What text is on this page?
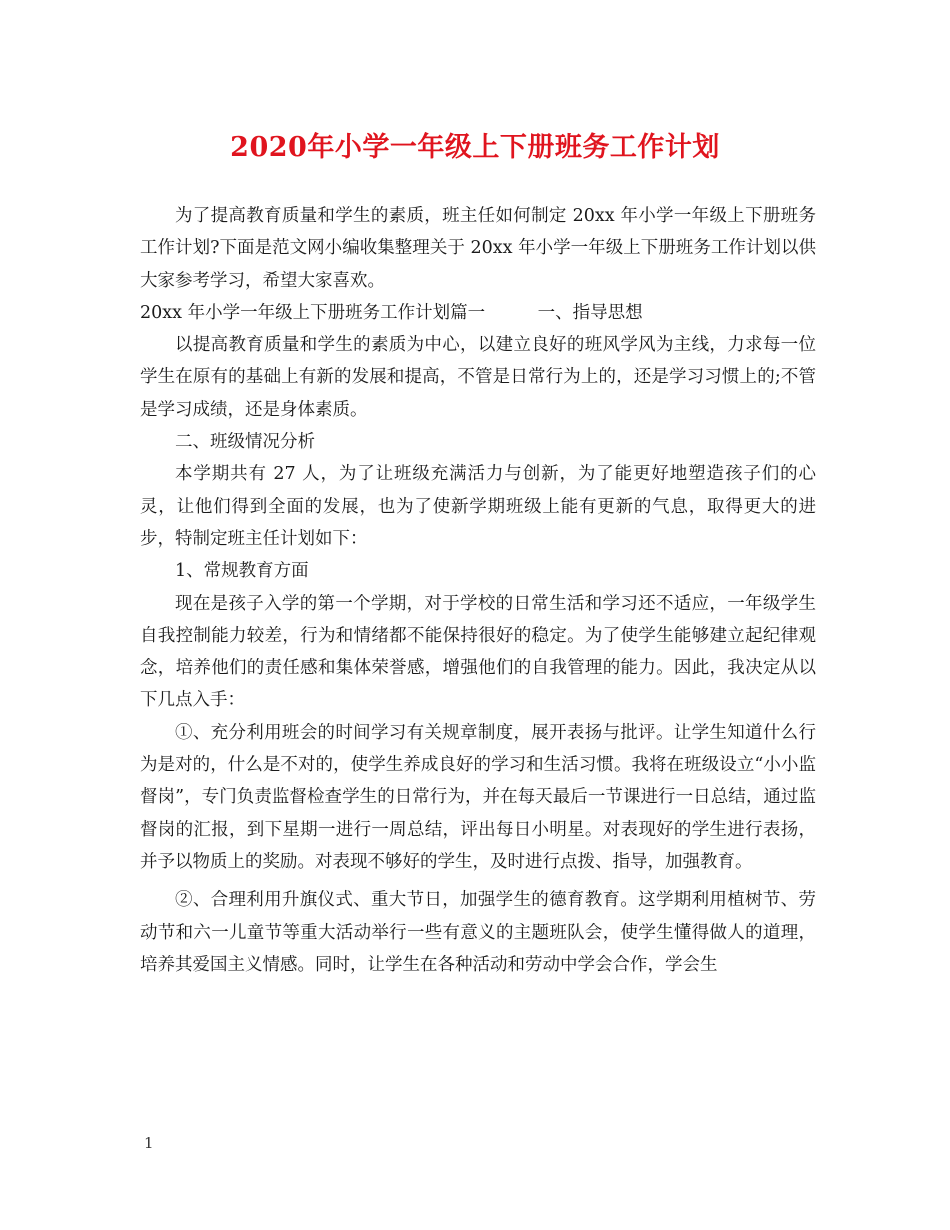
2020年小学一年级上下册班务工作计划

为了提高教育质量和学生的素质，班主任如何制定 20xx 年小学一年级上下册班务工作计划?下面是范文网小编收集整理关于 20xx 年小学一年级上下册班务工作计划以供大家参考学习，希望大家喜欢。

20xx 年小学一年级上下册班务工作计划篇一　　　一、指导思想

以提高教育质量和学生的素质为中心，以建立良好的班风学风为主线，力求每一位学生在原有的基础上有新的发展和提高，不管是日常行为上的，还是学习习惯上的;不管是学习成绩，还是身体素质。

二、班级情况分析

本学期共有 27 人，为了让班级充满活力与创新，为了能更好地塑造孩子们的心灵，让他们得到全面的发展，也为了使新学期班级上能有更新的气息，取得更大的进步，特制定班主任计划如下：

1、常规教育方面

现在是孩子入学的第一个学期，对于学校的日常生活和学习还不适应，一年级学生自我控制能力较差，行为和情绪都不能保持很好的稳定。为了使学生能够建立起纪律观念，培养他们的责任感和集体荣誉感，增强他们的自我管理的能力。因此，我决定从以下几点入手：

①、充分利用班会的时间学习有关规章制度，展开表扬与批评。让学生知道什么行为是对的，什么是不对的，使学生养成良好的学习和生活习惯。我将在班级设立“小小监督岗”，专门负责监督检查学生的日常行为，并在每天最后一节课进行一日总结，通过监督岗的汇报，到下星期一进行一周总结，评出每日小明星。对表现好的学生进行表扬，并予以物质上的奖励。对表现不够好的学生，及时进行点拨、指导，加强教育。

②、合理利用升旗仪式、重大节日，加强学生的德育教育。这学期利用植树节、劳动节和六一儿童节等重大活动举行一些有意义的主题班队会，使学生懂得做人的道理，培养其爱国主义情感。同时，让学生在各种活动和劳动中学会合作，学会生

1
